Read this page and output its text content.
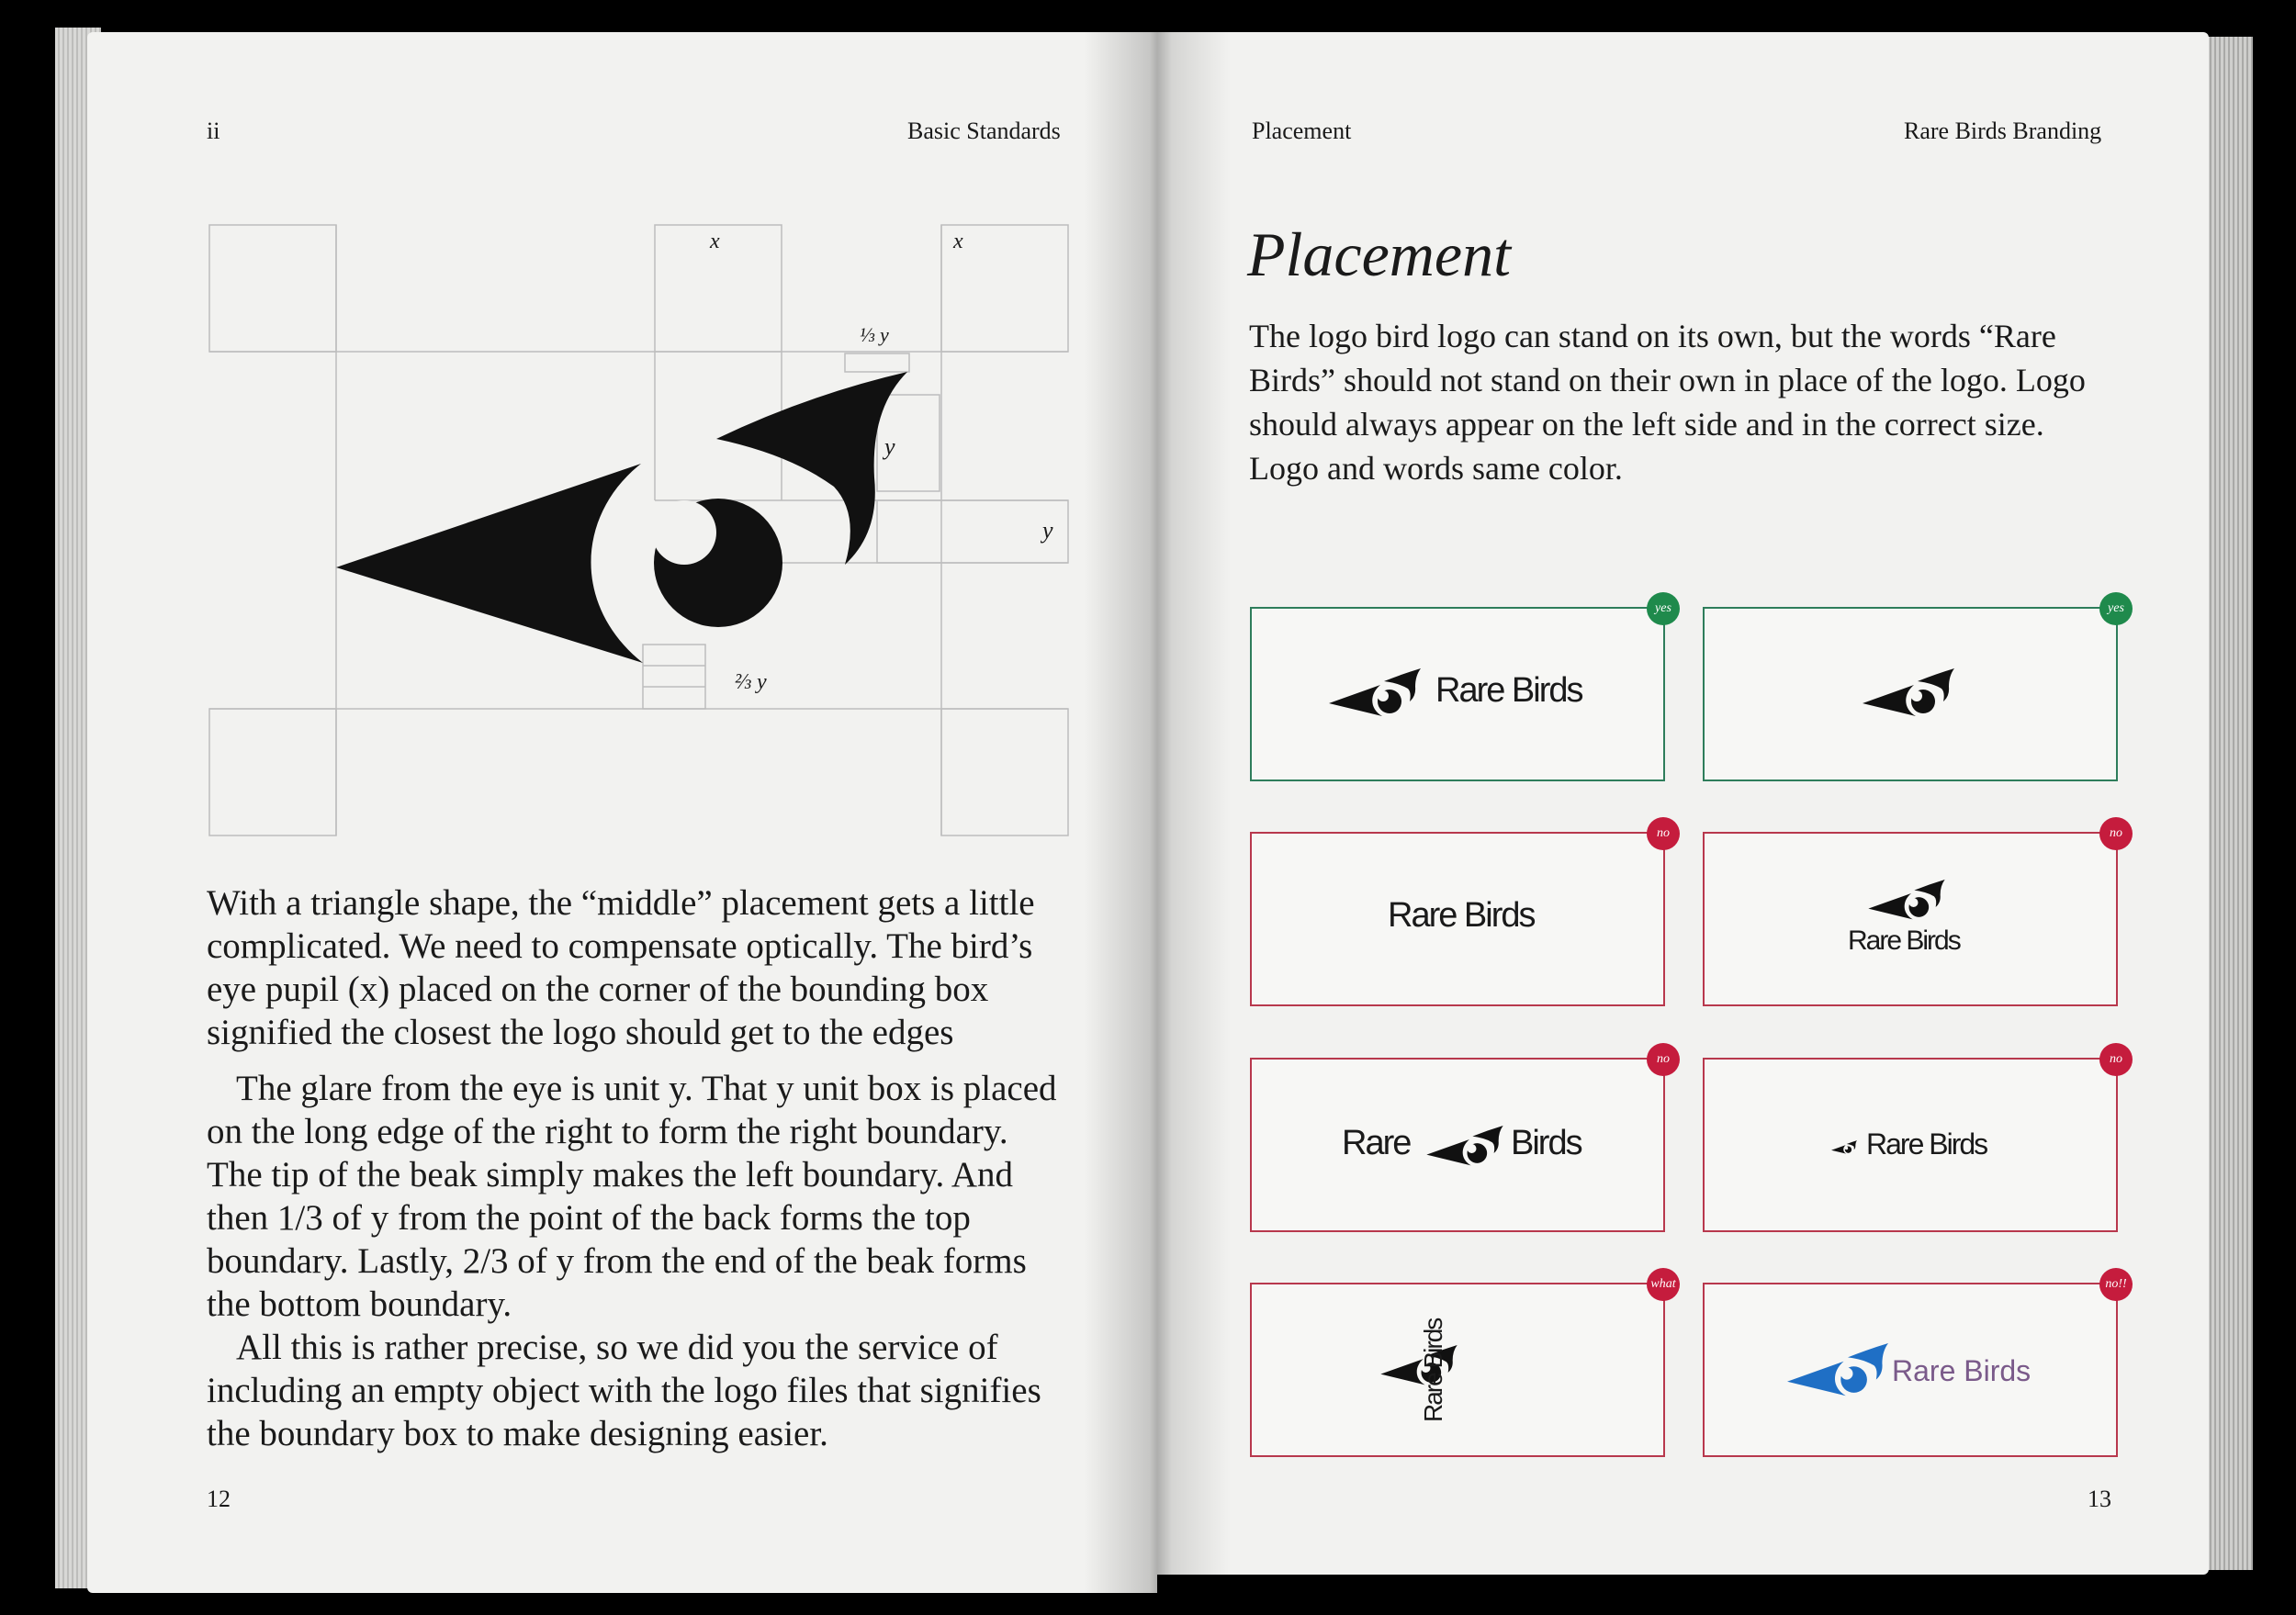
ii	Basic Standards
x	x
⅓ y
y
y
⅔ y

With a triangle shape, the “middle” placement gets a little complicated. We need to compensate optically. The bird’s eye pupil (x) placed on the corner of the bounding box signified the closest the logo should get to the edges

The glare from the eye is unit y. That y unit box is placed on the long edge of the right to form the right boundary. The tip of the beak simply makes the left boundary. And then 1/3 of y from the point of the back forms the top boundary. Lastly, 2/3 of y from the end of the beak forms the bottom boundary.

All this is rather precise, so we did you the service of including an empty object with the logo files that signifies the boundary box to make designing easier.

12
Placement	Rare Birds Branding
Placement
The logo bird logo can stand on its own, but the words “Rare Birds” should not stand on their own in place of the logo. Logo should always appear on the left side and in the correct size. Logo and words same color.
yes
Rare Birds
yes
no
Rare Birds
no
Rare Birds
no
Rare	Birds
no
Rare Birds
what
Rare Birds
no!!
Rare Birds
13
